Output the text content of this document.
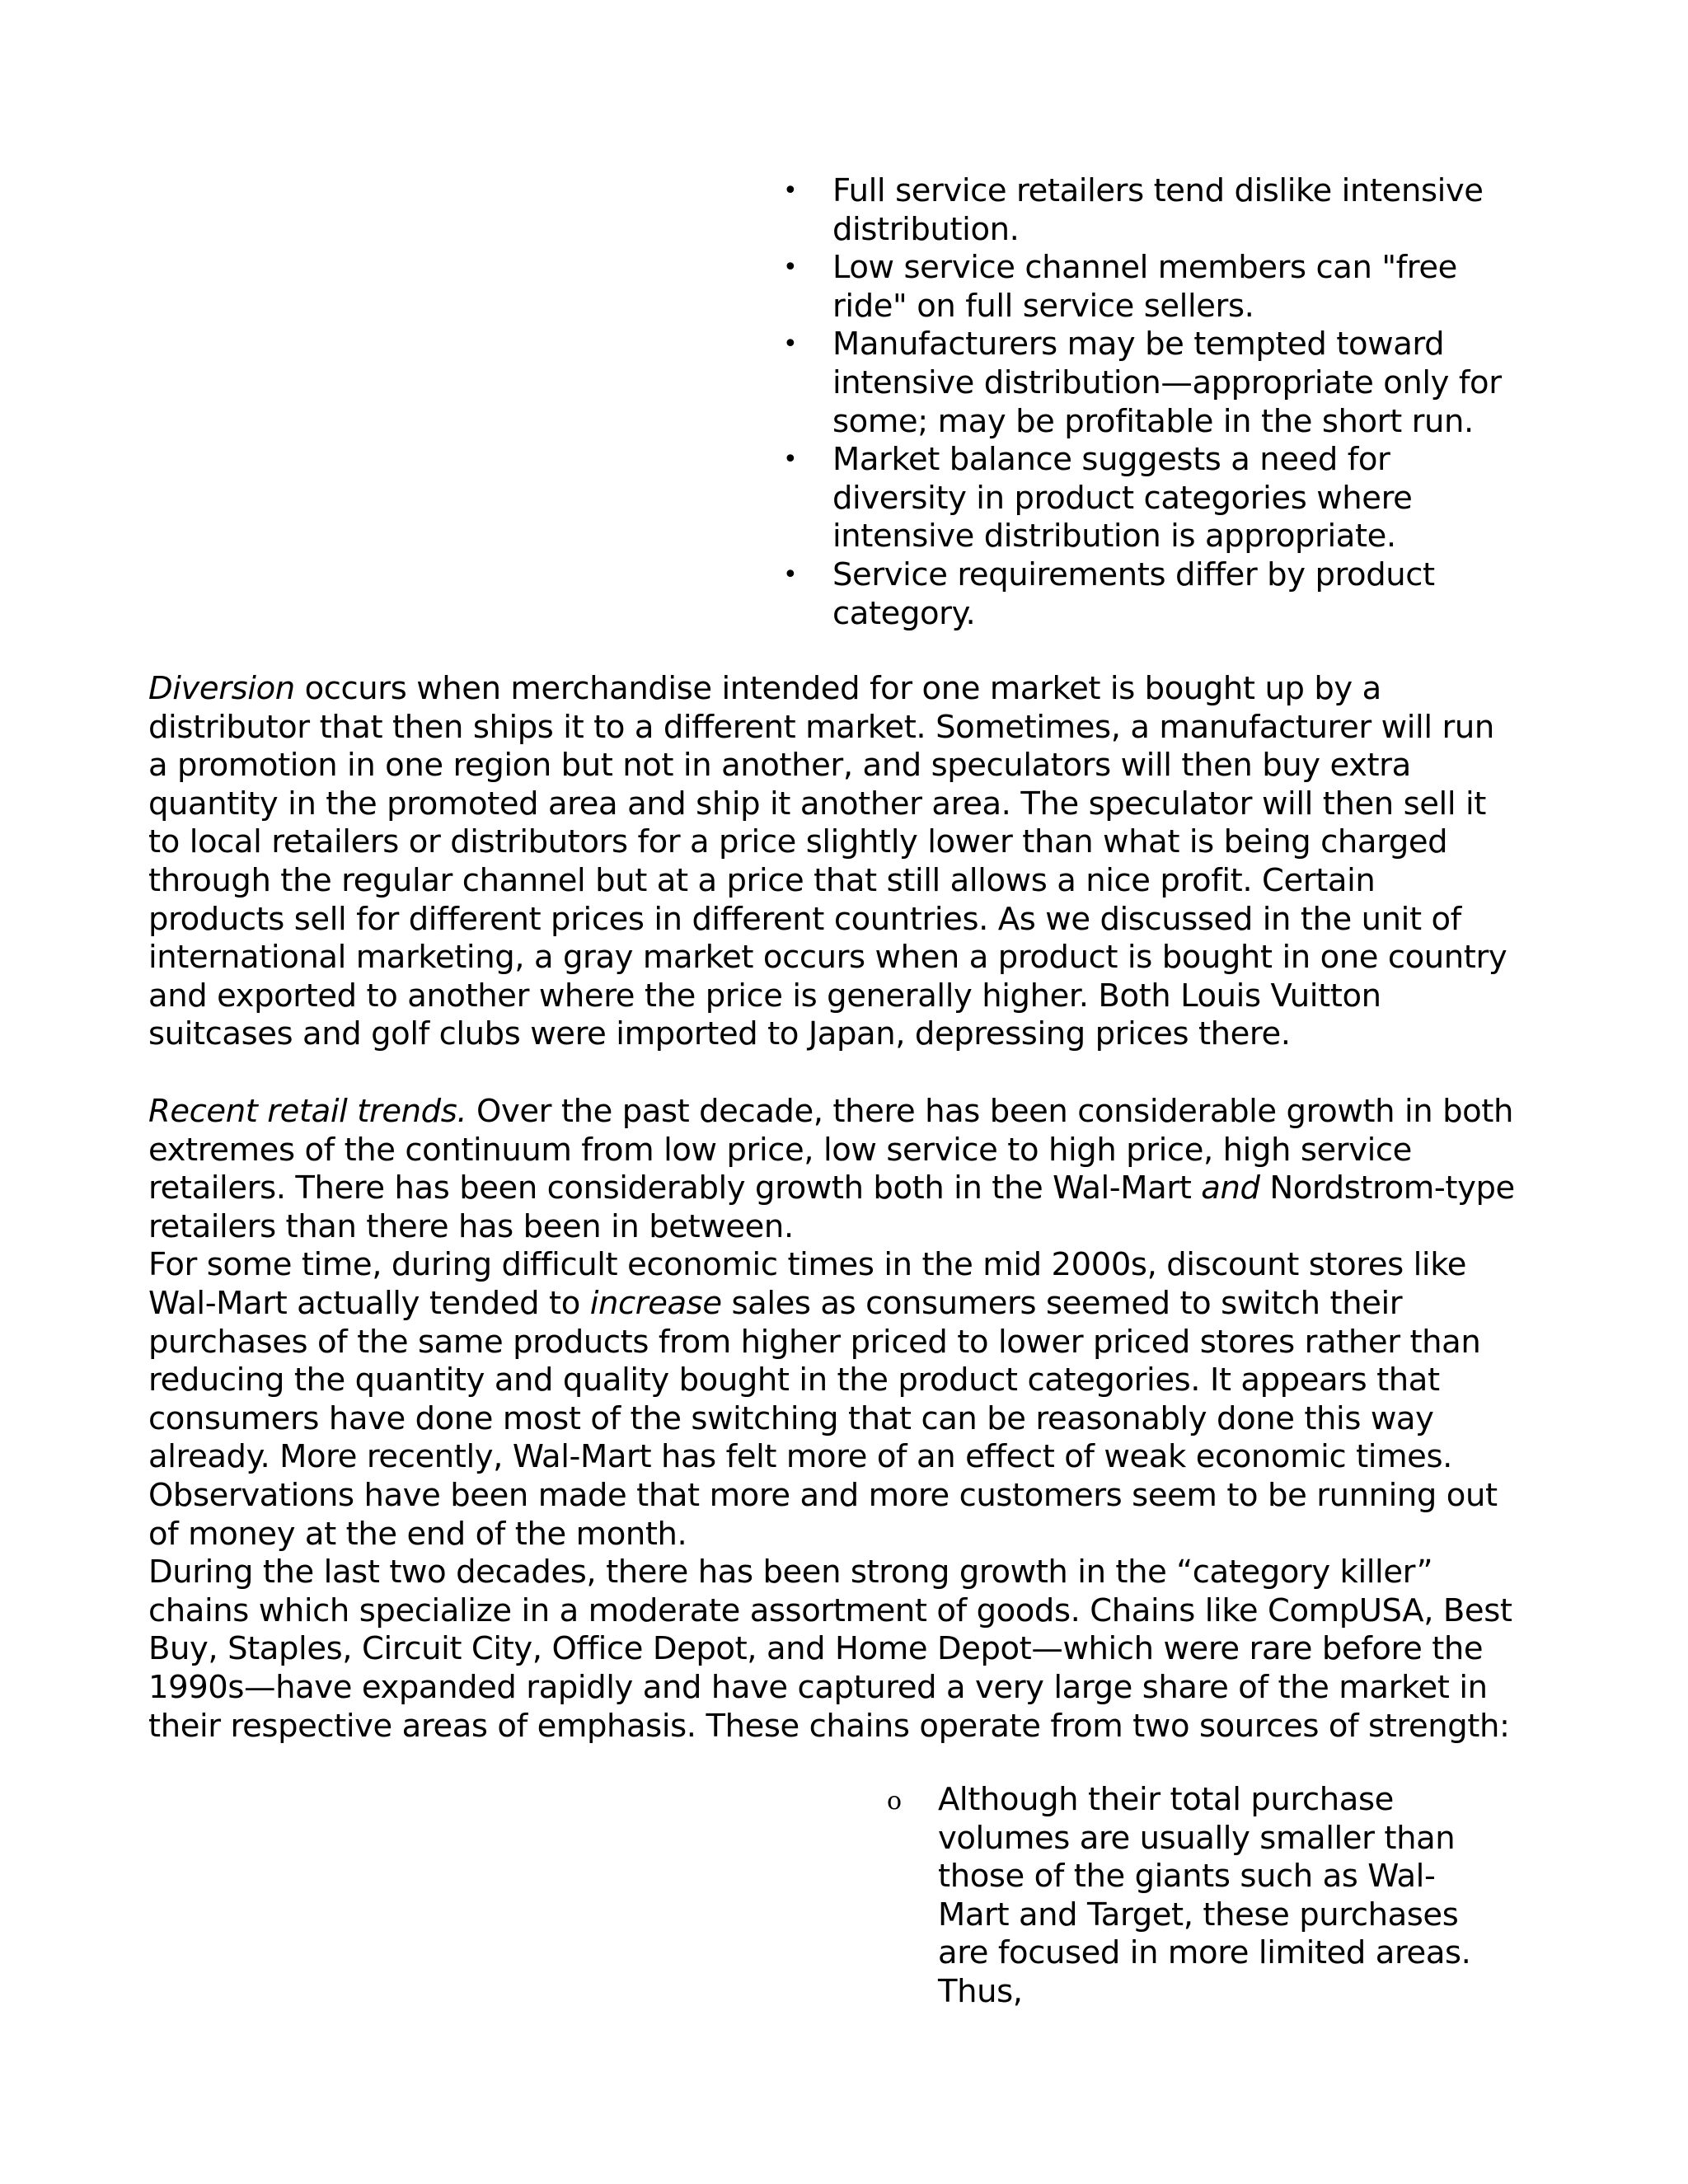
• Full service retailers tend dislike intensive distribution.
• Low service channel members can "free ride" on full service sellers.
• Manufacturers may be tempted toward intensive distribution—appropriate only for some; may be profitable in the short run.
• Market balance suggests a need for diversity in product categories where intensive distribution is appropriate.
• Service requirements differ by product category.

Diversion occurs when merchandise intended for one market is bought up by a distributor that then ships it to a different market. Sometimes, a manufacturer will run a promotion in one region but not in another, and speculators will then buy extra quantity in the promoted area and ship it another area. The speculator will then sell it to local retailers or distributors for a price slightly lower than what is being charged through the regular channel but at a price that still allows a nice profit. Certain products sell for different prices in different countries. As we discussed in the unit of international marketing, a gray market occurs when a product is bought in one country and exported to another where the price is generally higher. Both Louis Vuitton suitcases and golf clubs were imported to Japan, depressing prices there.

Recent retail trends. Over the past decade, there has been considerable growth in both extremes of the continuum from low price, low service to high price, high service retailers. There has been considerably growth both in the Wal-Mart and Nordstrom-type retailers than there has been in between.

For some time, during difficult economic times in the mid 2000s, discount stores like Wal-Mart actually tended to increase sales as consumers seemed to switch their purchases of the same products from higher priced to lower priced stores rather than reducing the quantity and quality bought in the product categories. It appears that consumers have done most of the switching that can be reasonably done this way already. More recently, Wal-Mart has felt more of an effect of weak economic times. Observations have been made that more and more customers seem to be running out of money at the end of the month.

During the last two decades, there has been strong growth in the “category killer” chains which specialize in a moderate assortment of goods. Chains like CompUSA, Best Buy, Staples, Circuit City, Office Depot, and Home Depot—which were rare before the 1990s—have expanded rapidly and have captured a very large share of the market in their respective areas of emphasis. These chains operate from two sources of strength:

o Although their total purchase volumes are usually smaller than those of the giants such as Wal-Mart and Target, these purchases are focused in more limited areas. Thus,
